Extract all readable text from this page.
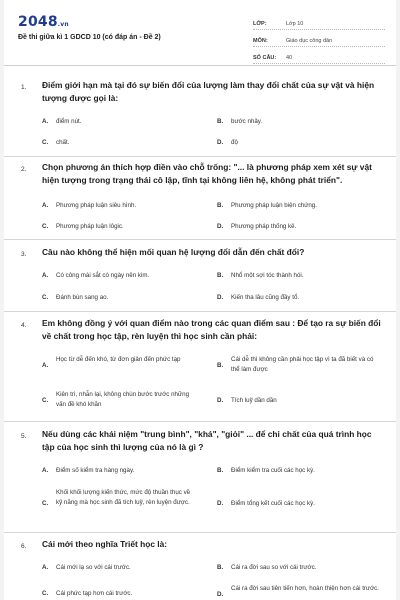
2048.vn
Đề thi giữa kì 1 GDCD 10 (có đáp án - Đề 2)
LỚP:	Lớp 10
MÔN:	Giáo dục công dân
SỐ CÂU:	40
1. Điểm giới hạn mà tại đó sự biến đổi của lượng làm thay đổi chất của sự vật và hiện tượng được gọi là:
A. điểm nút.	B. bước nhảy.
C. chất.	D. độ
2. Chọn phương án thích hợp điền vào chỗ trống: "... là phương pháp xem xét sự vật hiện tượng trong trạng thái cô lập, tĩnh tại không liên hệ, không phát triển".
A. Phương pháp luận siêu hình.	B. Phương pháp luận biện chứng.
C. Phương pháp luận lôgic.	D. Phương pháp thống kê.
3. Câu nào không thể hiện mối quan hệ lượng đổi dẫn đến chất đổi?
A. Có công mài sắt có ngày nên kim.	B. Nhổ một sợi tóc thành hói.
C. Đánh bùn sang ao.	D. Kiến tha lâu cũng đầy tổ.
4. Em không đồng ý với quan điểm nào trong các quan điểm sau : Để tạo ra sự biến đổi về chất trong học tập, rèn luyện thì học sinh cần phải:
A.
Học từ dễ đến khó, từ đơn giản đến phức tạp
B.
Cái dễ thì không cần phải học tập vì ta đã biết và có thể làm được
C.
Kiên trì, nhẫn lại, không chùn bước trước những vấn đề khó khăn
D. Tích luỹ dần dần
5. Nếu dùng các khái niệm "trung bình", "khá", "giỏi" ... để chỉ chất của quá trình học tập của học sinh thì lượng của nó là gì ?
A. Điểm số kiểm tra hàng ngày.	B. Điểm kiểm tra cuối các học kỳ.
C.
Khối khối lượng kiến thức, mức độ thuần thục về kỹ năng mà học sinh đã tích luỹ, rèn luyện được.	D. Điểm tổng kết cuối các học kỳ.
6. Cái mới theo nghĩa Triết học là:
A. Cái mới lạ so với cái trước.	B. Cái ra đời sau so với cái trước.
C. Cái phức tạp hơn cái trước.	D.
Cái ra đời sau tiên tiến hơn, hoàn thiện hơn cái trước.
